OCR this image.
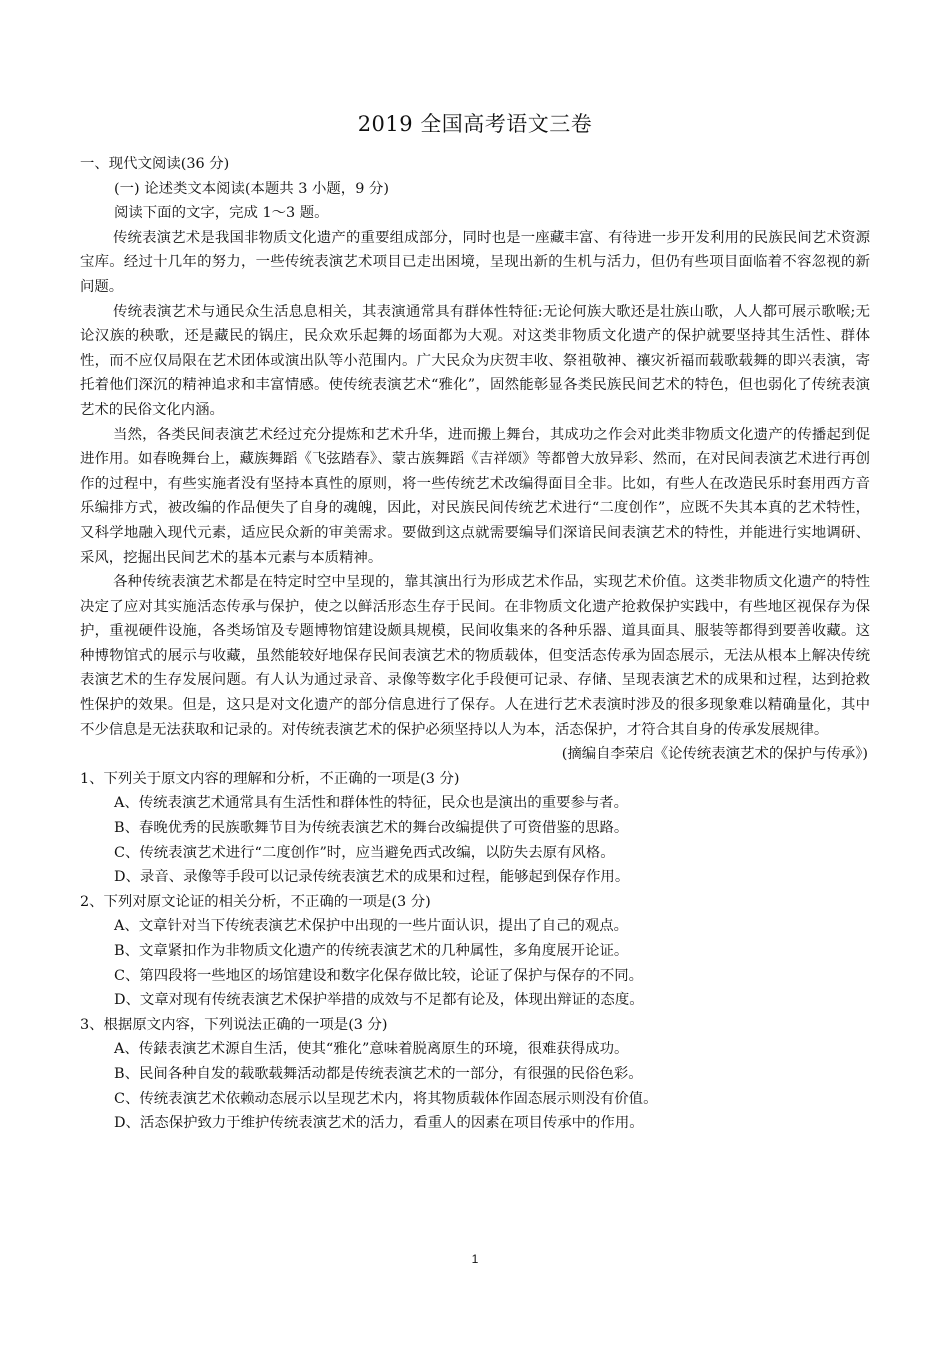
2019 全国高考语文三卷

一、现代文阅读(36 分)

(一) 论述类文本阅读(本题共 3 小题，9 分)

阅读下面的文字，完成 1～3 题。

传统表演艺术是我国非物质文化遗产的重要组成部分，同时也是一座藏丰富、有待进一步开发利用的民族民间艺术资源宝库。经过十几年的努力，一些传统表演艺术项目已走出困境，呈现出新的生机与活力，但仍有些项目面临着不容忽视的新问题。

传统表演艺术与通民众生活息息相关，其表演通常具有群体性特征:无论何族大歌还是壮族山歌，人人都可展示歌喉;无论汉族的秧歌，还是藏民的锅庄，民众欢乐起舞的场面都为大观。对这类非物质文化遗产的保护就要坚持其生活性、群体性，而不应仅局限在艺术团体或演出队等小范围内。广大民众为庆贺丰收、祭祖敬神、禳灾祈福而载歌载舞的即兴表演，寄托着他们深沉的精神追求和丰富情感。使传统表演艺术“雅化”，固然能彰显各类民族民间艺术的特色，但也弱化了传统表演艺术的民俗文化内涵。

当然，各类民间表演艺术经过充分提炼和艺术升华，进而搬上舞台，其成功之作会对此类非物质文化遗产的传播起到促进作用。如春晚舞台上，藏族舞蹈《飞弦踏春》、蒙古族舞蹈《吉祥颂》等都曾大放异彩、然而，在对民间表演艺术进行再创作的过程中，有些实施者没有坚持本真性的原则，将一些传统艺术改编得面目全非。比如，有些人在改造民乐时套用西方音乐编排方式，被改编的作品便失了自身的魂魄，因此，对民族民间传统艺术进行“二度创作”，应既不失其本真的艺术特性，又科学地融入现代元素，适应民众新的审美需求。要做到这点就需要编导们深谙民间表演艺术的特性，并能进行实地调研、采风，挖掘出民间艺术的基本元素与本质精神。

各种传统表演艺术都是在特定时空中呈现的，靠其演出行为形成艺术作品，实现艺术价值。这类非物质文化遗产的特性决定了应对其实施活态传承与保护，使之以鲜活形态生存于民间。在非物质文化遗产抢救保护实践中，有些地区视保存为保护，重视硬件设施，各类场馆及专题博物馆建设颇具规模，民间收集来的各种乐器、道具面具、服装等都得到要善收藏。这种博物馆式的展示与收藏，虽然能较好地保存民间表演艺术的物质载体，但变活态传承为固态展示，无法从根本上解决传统表演艺术的生存发展问题。有人认为通过录音、录像等数字化手段便可记录、存储、呈现表演艺术的成果和过程，达到抢救性保护的效果。但是，这只是对文化遗产的部分信息进行了保存。人在进行艺术表演时涉及的很多现象难以精确量化，其中不少信息是无法获取和记录的。对传统表演艺术的保护必须坚持以人为本，活态保护，才符合其自身的传承发展规律。

(摘编自李荣启《论传统表演艺术的保护与传承》)

1、下列关于原文内容的理解和分析，不正确的一项是(3 分)

A、传统表演艺术通常具有生活性和群体性的特征，民众也是演出的重要参与者。

B、春晚优秀的民族歌舞节目为传统表演艺术的舞台改编提供了可资借鉴的思路。

C、传统表演艺术进行“二度创作”时，应当避免西式改编，以防失去原有风格。

D、录音、录像等手段可以记录传统表演艺术的成果和过程，能够起到保存作用。

2、下列对原文论证的相关分析，不正确的一项是(3 分)

A、文章针对当下传统表演艺术保护中出现的一些片面认识，提出了自己的观点。

B、文章紧扣作为非物质文化遗产的传统表演艺术的几种属性，多角度展开论证。

C、第四段将一些地区的场馆建设和数字化保存做比较，论证了保护与保存的不同。

D、文章对现有传统表演艺术保护举措的成效与不足都有论及，体现出辩证的态度。

3、根据原文内容，下列说法正确的一项是(3 分)

A、传錶表演艺术源自生活，使其“雅化”意味着脱离原生的环境，很难获得成功。

B、民间各种自发的载歌载舞活动都是传统表演艺术的一部分，有很强的民俗色彩。

C、传统表演艺术依赖动态展示以呈现艺术内，将其物质载体作固态展示则没有价值。

D、活态保护致力于维护传统表演艺术的活力，看重人的因素在项目传承中的作用。

1
